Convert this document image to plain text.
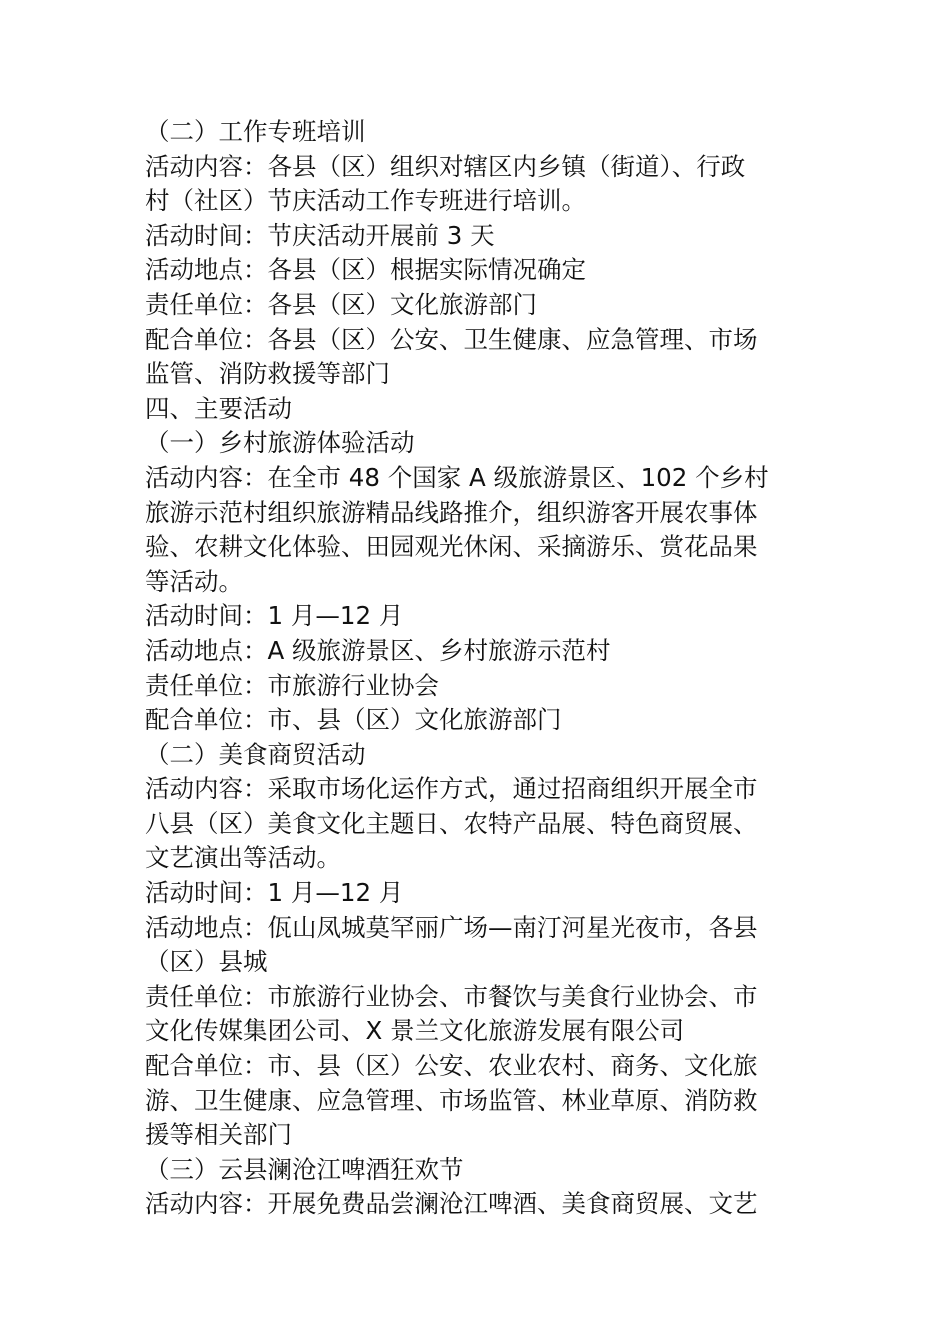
（二）工作专班培训
活动内容：各县（区）组织对辖区内乡镇（街道）、行政
村（社区）节庆活动工作专班进行培训。
活动时间：节庆活动开展前 3 天
活动地点：各县（区）根据实际情况确定
责任单位：各县（区）文化旅游部门
配合单位：各县（区）公安、卫生健康、应急管理、市场
监管、消防救援等部门
四、主要活动
（一）乡村旅游体验活动
活动内容：在全市 48 个国家 A 级旅游景区、102 个乡村
旅游示范村组织旅游精品线路推介，组织游客开展农事体
验、农耕文化体验、田园观光休闲、采摘游乐、赏花品果
等活动。
活动时间：1 月—12 月
活动地点：A 级旅游景区、乡村旅游示范村
责任单位：市旅游行业协会
配合单位：市、县（区）文化旅游部门
（二）美食商贸活动
活动内容：采取市场化运作方式，通过招商组织开展全市
八县（区）美食文化主题日、农特产品展、特色商贸展、
文艺演出等活动。
活动时间：1 月—12 月
活动地点：佤山凤城莫罕丽广场—南汀河星光夜市，各县
（区）县城
责任单位：市旅游行业协会、市餐饮与美食行业协会、市
文化传媒集团公司、X 景兰文化旅游发展有限公司
配合单位：市、县（区）公安、农业农村、商务、文化旅
游、卫生健康、应急管理、市场监管、林业草原、消防救
援等相关部门
（三）云县澜沧江啤酒狂欢节
活动内容：开展免费品尝澜沧江啤酒、美食商贸展、文艺
